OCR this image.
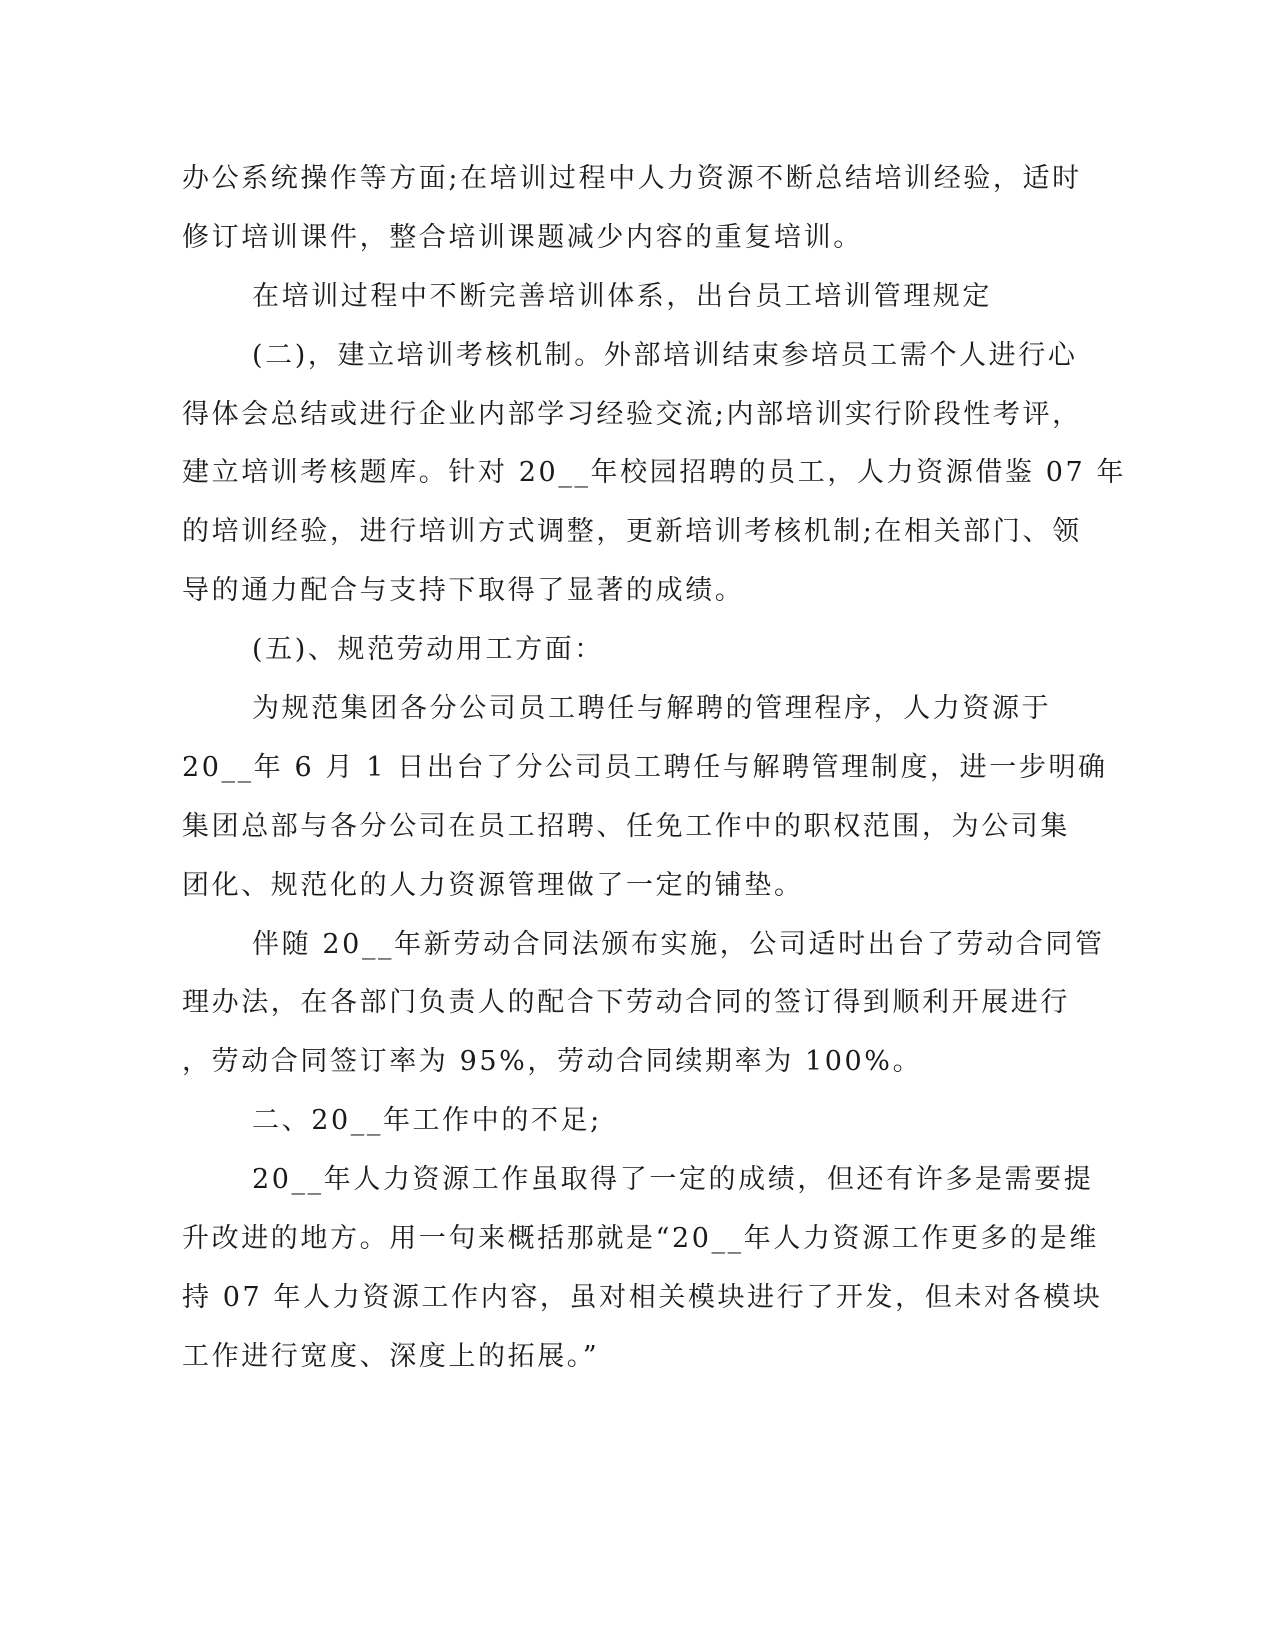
办公系统操作等方面;在培训过程中人力资源不断总结培训经验，适时
修订培训课件，整合培训课题减少内容的重复培训。
在培训过程中不断完善培训体系，出台员工培训管理规定
(二)，建立培训考核机制。外部培训结束参培员工需个人进行心
得体会总结或进行企业内部学习经验交流;内部培训实行阶段性考评，
建立培训考核题库。针对 20__年校园招聘的员工，人力资源借鉴 07 年
的培训经验，进行培训方式调整，更新培训考核机制;在相关部门、领
导的通力配合与支持下取得了显著的成绩。
(五)、规范劳动用工方面：
为规范集团各分公司员工聘任与解聘的管理程序，人力资源于
20__年 6 月 1 日出台了分公司员工聘任与解聘管理制度，进一步明确
集团总部与各分公司在员工招聘、任免工作中的职权范围，为公司集
团化、规范化的人力资源管理做了一定的铺垫。
伴随 20__年新劳动合同法颁布实施，公司适时出台了劳动合同管
理办法，在各部门负责人的配合下劳动合同的签订得到顺利开展进行
，劳动合同签订率为 95%，劳动合同续期率为 100%。
二、20__年工作中的不足;
20__年人力资源工作虽取得了一定的成绩，但还有许多是需要提
升改进的地方。用一句来概括那就是“20__年人力资源工作更多的是维
持 07 年人力资源工作内容，虽对相关模块进行了开发，但未对各模块
工作进行宽度、深度上的拓展。”
